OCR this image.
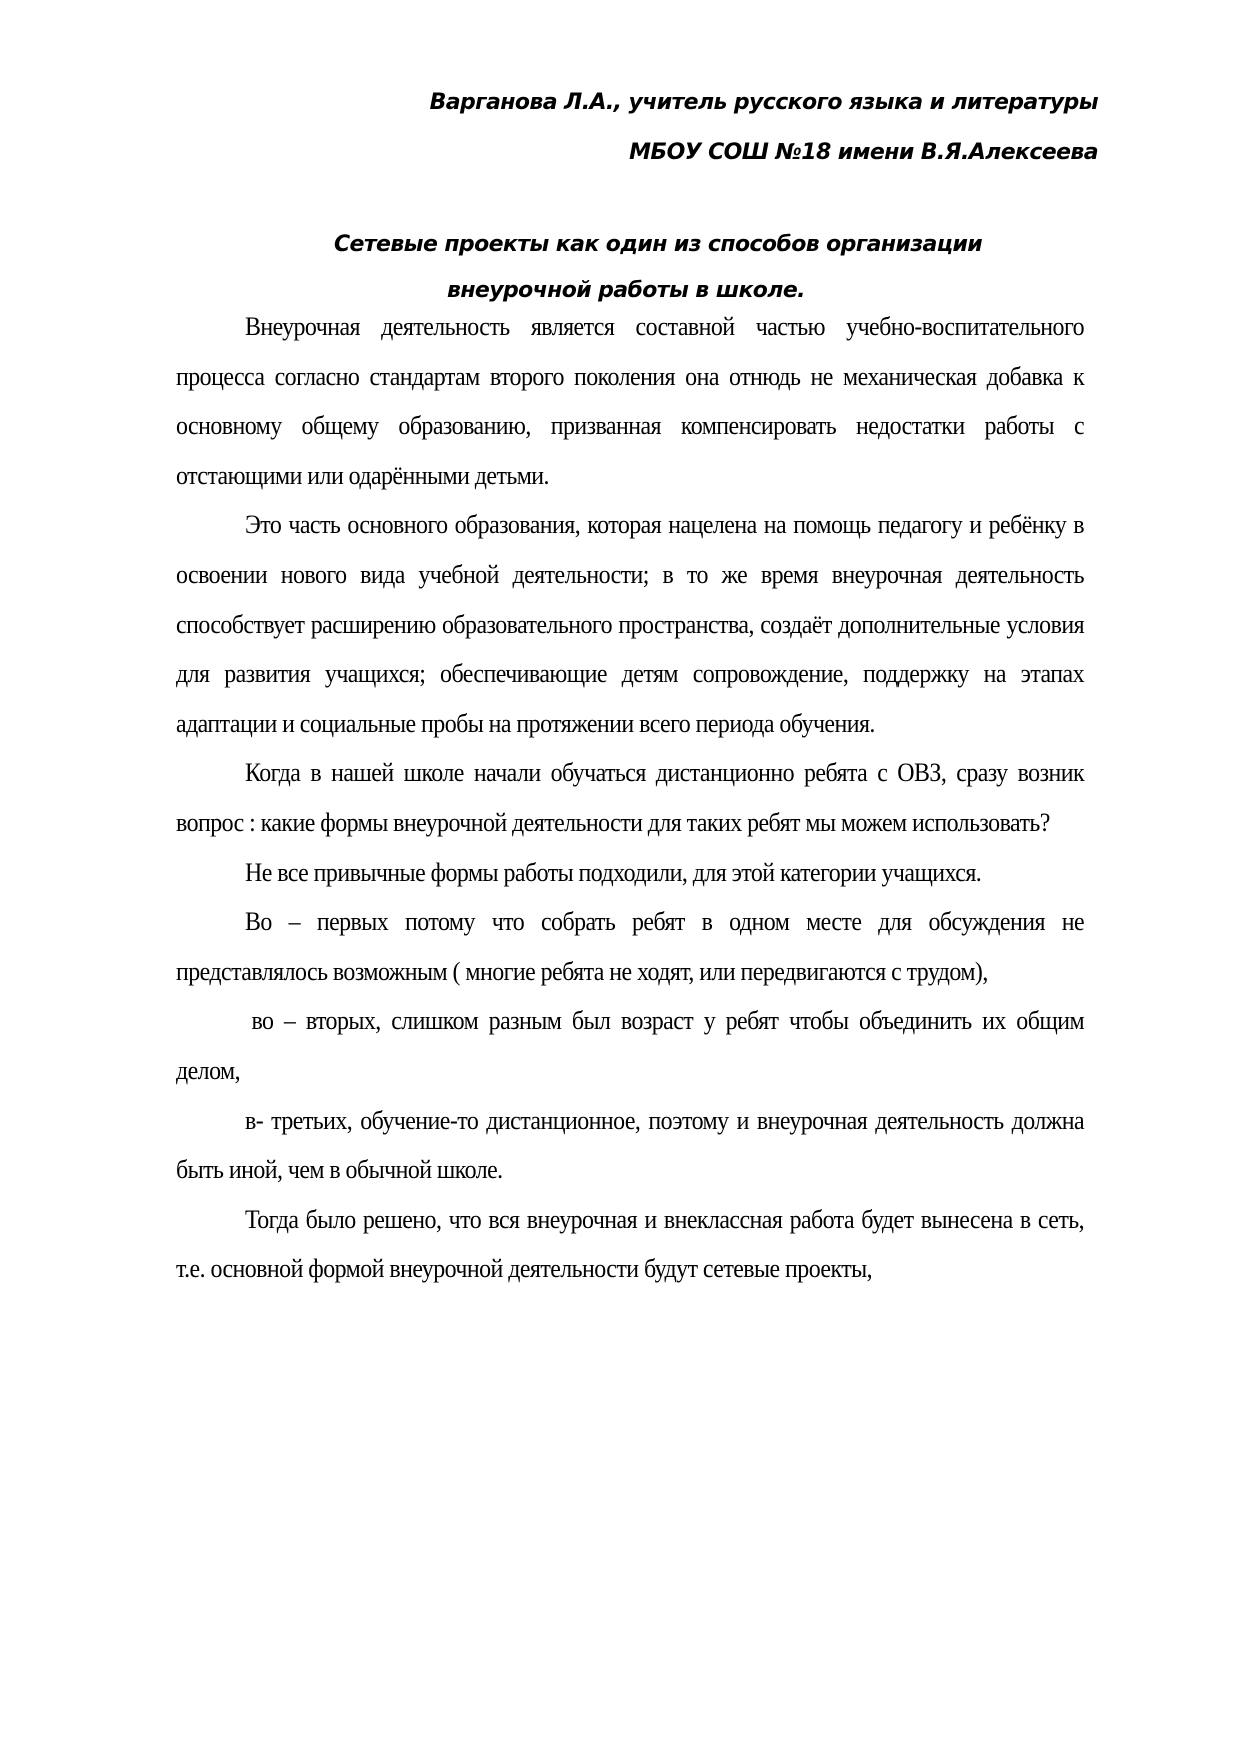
Варганова Л.А., учитель русского языка и литературы
МБОУ СОШ №18 имени В.Я.Алексеева
Сетевые проекты как один из способов организации
внеурочной работы в школе.

Внеурочная деятельность является составной частью учебно-воспитательного процесса согласно стандартам второго поколения она отнюдь не механическая добавка к основному общему образованию, призванная компенсировать недостатки работы с отстающими или одарёнными детьми.

Это часть основного образования, которая нацелена на помощь педагогу и ребёнку в освоении нового вида учебной деятельности; в то же время внеурочная деятельность способствует расширению образовательного пространства, создаёт дополнительные условия для развития учащихся; обеспечивающие детям сопровождение, поддержку на этапах адаптации и социальные пробы на протяжении всего периода обучения.

Когда в нашей школе начали обучаться дистанционно ребята с ОВЗ, сразу возник вопрос : какие формы внеурочной деятельности для таких ребят мы можем использовать?

Не все привычные формы работы подходили, для этой категории учащихся.

Во – первых потому что собрать ребят в одном месте для обсуждения не представлялось возможным ( многие ребята не ходят, или передвигаются с трудом),

во – вторых, слишком разным был возраст у ребят чтобы объединить их общим делом,

в- третьих, обучение-то дистанционное, поэтому и внеурочная деятельность должна быть иной, чем в обычной школе.

Тогда было решено, что вся внеурочная и внеклассная работа будет вынесена в сеть, т.е. основной формой внеурочной деятельности будут сетевые проекты,
